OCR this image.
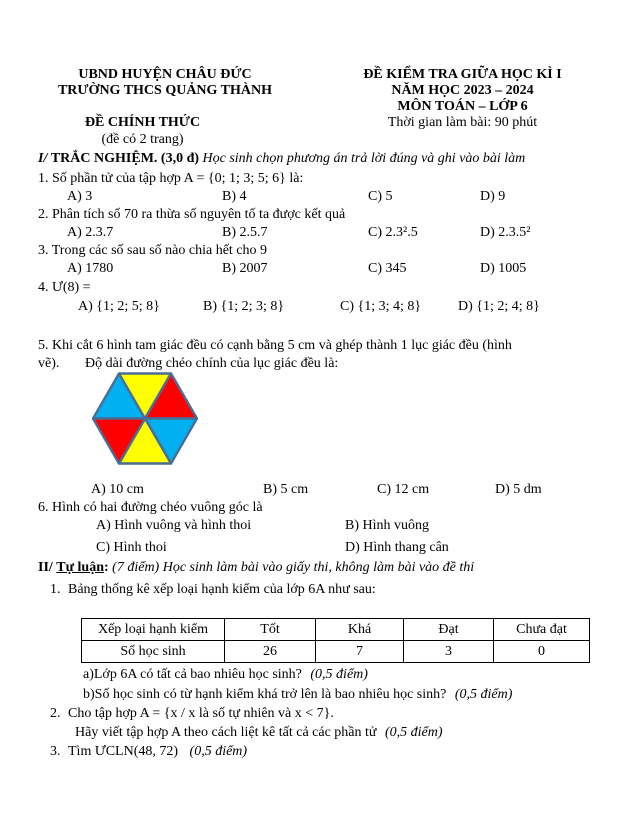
UBND HUYỆN CHÂU ĐỨC
TRƯỜNG THCS QUẢNG THÀNH
ĐỀ CHÍNH THỨC
(đề có 2 trang)
ĐỀ KIỂM TRA GIỮA HỌC KÌ I
NĂM HỌC 2023 – 2024
MÔN TOÁN – LỚP 6
Thời gian làm bài: 90 phút
I/ TRẮC NGHIỆM. (3,0 đ) Học sinh chọn phương án trả lời đúng và ghi vào bài làm
1. Số phần tử của tập hợp A = {0; 1; 3; 5; 6} là:
A) 3	B) 4	C) 5	D) 9
2. Phân tích số 70 ra thừa số nguyên tố ta được kết quả
A) 2.3.7	B) 2.5.7	C) 2.3².5	D) 2.3.5²
3. Trong các số sau số nào chia hết cho 9
A) 1780	B) 2007	C) 345	D) 1005
4. Ư(8) =
A) {1; 2; 5; 8}	B) {1; 2; 3; 8}	C) {1; 3; 4; 8}	D) {1; 2; 4; 8}
5. Khi cắt 6 hình tam giác đều có cạnh bằng 5 cm và ghép thành 1 lục giác đều (hình
vẽ). Độ dài đường chéo chính của lục giác đều là:
A) 10 cm	B) 5 cm	C) 12 cm	D) 5 dm
6. Hình có hai đường chéo vuông góc là
A) Hình vuông và hình thoi	B) Hình vuông
C) Hình thoi	D) Hình thang cân
II/ Tự luận: (7 điểm) Học sinh làm bài vào giấy thi, không làm bài vào đề thi
1. Bảng thống kê xếp loại hạnh kiểm của lớp 6A như sau:
Xếp loại hạnh kiểm	Tốt	Khá	Đạt	Chưa đạt
Số học sinh	26	7	3	0
a)Lớp 6A có tất cả bao nhiêu học sinh? (0,5 điểm)
b)Số học sinh có từ hạnh kiểm khá trở lên là bao nhiêu học sinh? (0,5 điểm)
2. Cho tập hợp A = {x / x là số tự nhiên và x < 7}.
Hãy viết tập hợp A theo cách liệt kê tất cả các phần tử (0,5 điểm)
3. Tìm ƯCLN(48, 72) (0,5 điểm)
